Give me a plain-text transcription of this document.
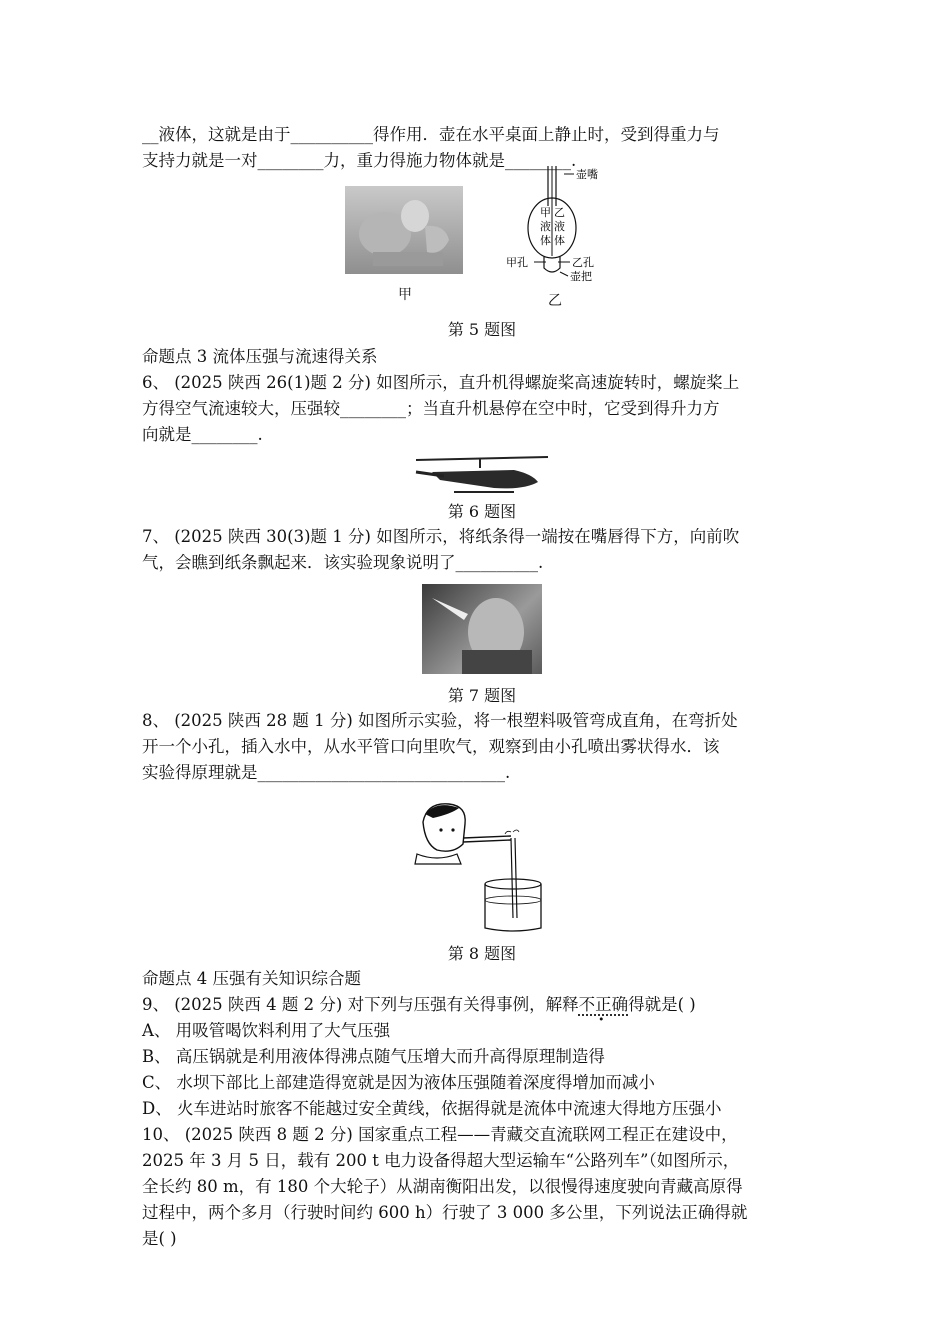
__液体，这就是由于__________得作用．壶在水平桌面上静止时，受到得重力与
支持力就是一对________力，重力得施力物体就是________.
甲
壶嘴
甲
液
体
乙
液
体
甲孔	乙孔
壶把
乙
第 5 题图
命题点 3 流体压强与流速得关系
6、 (2025 陕西 26(1)题 2 分) 如图所示，直升机得螺旋桨高速旋转时，螺旋桨上
方得空气流速较大，压强较________；当直升机悬停在空中时，它受到得升力方
向就是________.
第 6 题图
7、 (2025 陕西 30(3)题 1 分) 如图所示，将纸条得一端按在嘴唇得下方，向前吹
气，会瞧到纸条飘起来．该实验现象说明了__________.
第 7 题图
8、 (2025 陕西 28 题 1 分) 如图所示实验，将一根塑料吸管弯成直角，在弯折处
开一个小孔，插入水中，从水平管口向里吹气，观察到由小孔喷出雾状得水．该
实验得原理就是______________________________.
第 8 题图
命题点 4 压强有关知识综合题
9、 (2025 陕西 4 题 2 分) 对下列与压强有关得事例，解释不正确得就是( )
A、 用吸管喝饮料利用了大气压强
B、 高压锅就是利用液体得沸点随气压增大而升高得原理制造得
C、 水坝下部比上部建造得宽就是因为液体压强随着深度得增加而减小
D、 火车进站时旅客不能越过安全黄线，依据得就是流体中流速大得地方压强小
10、 (2025 陕西 8 题 2 分) 国家重点工程——青藏交直流联网工程正在建设中，
2025 年 3 月 5 日，载有 200 t 电力设备得超大型运输车“公路列车”（如图所示，
全长约 80 m，有 180 个大轮子）从湖南衡阳出发，以很慢得速度驶向青藏高原得
过程中，两个多月（行驶时间约 600 h）行驶了 3 000 多公里，下列说法正确得就
是( )
